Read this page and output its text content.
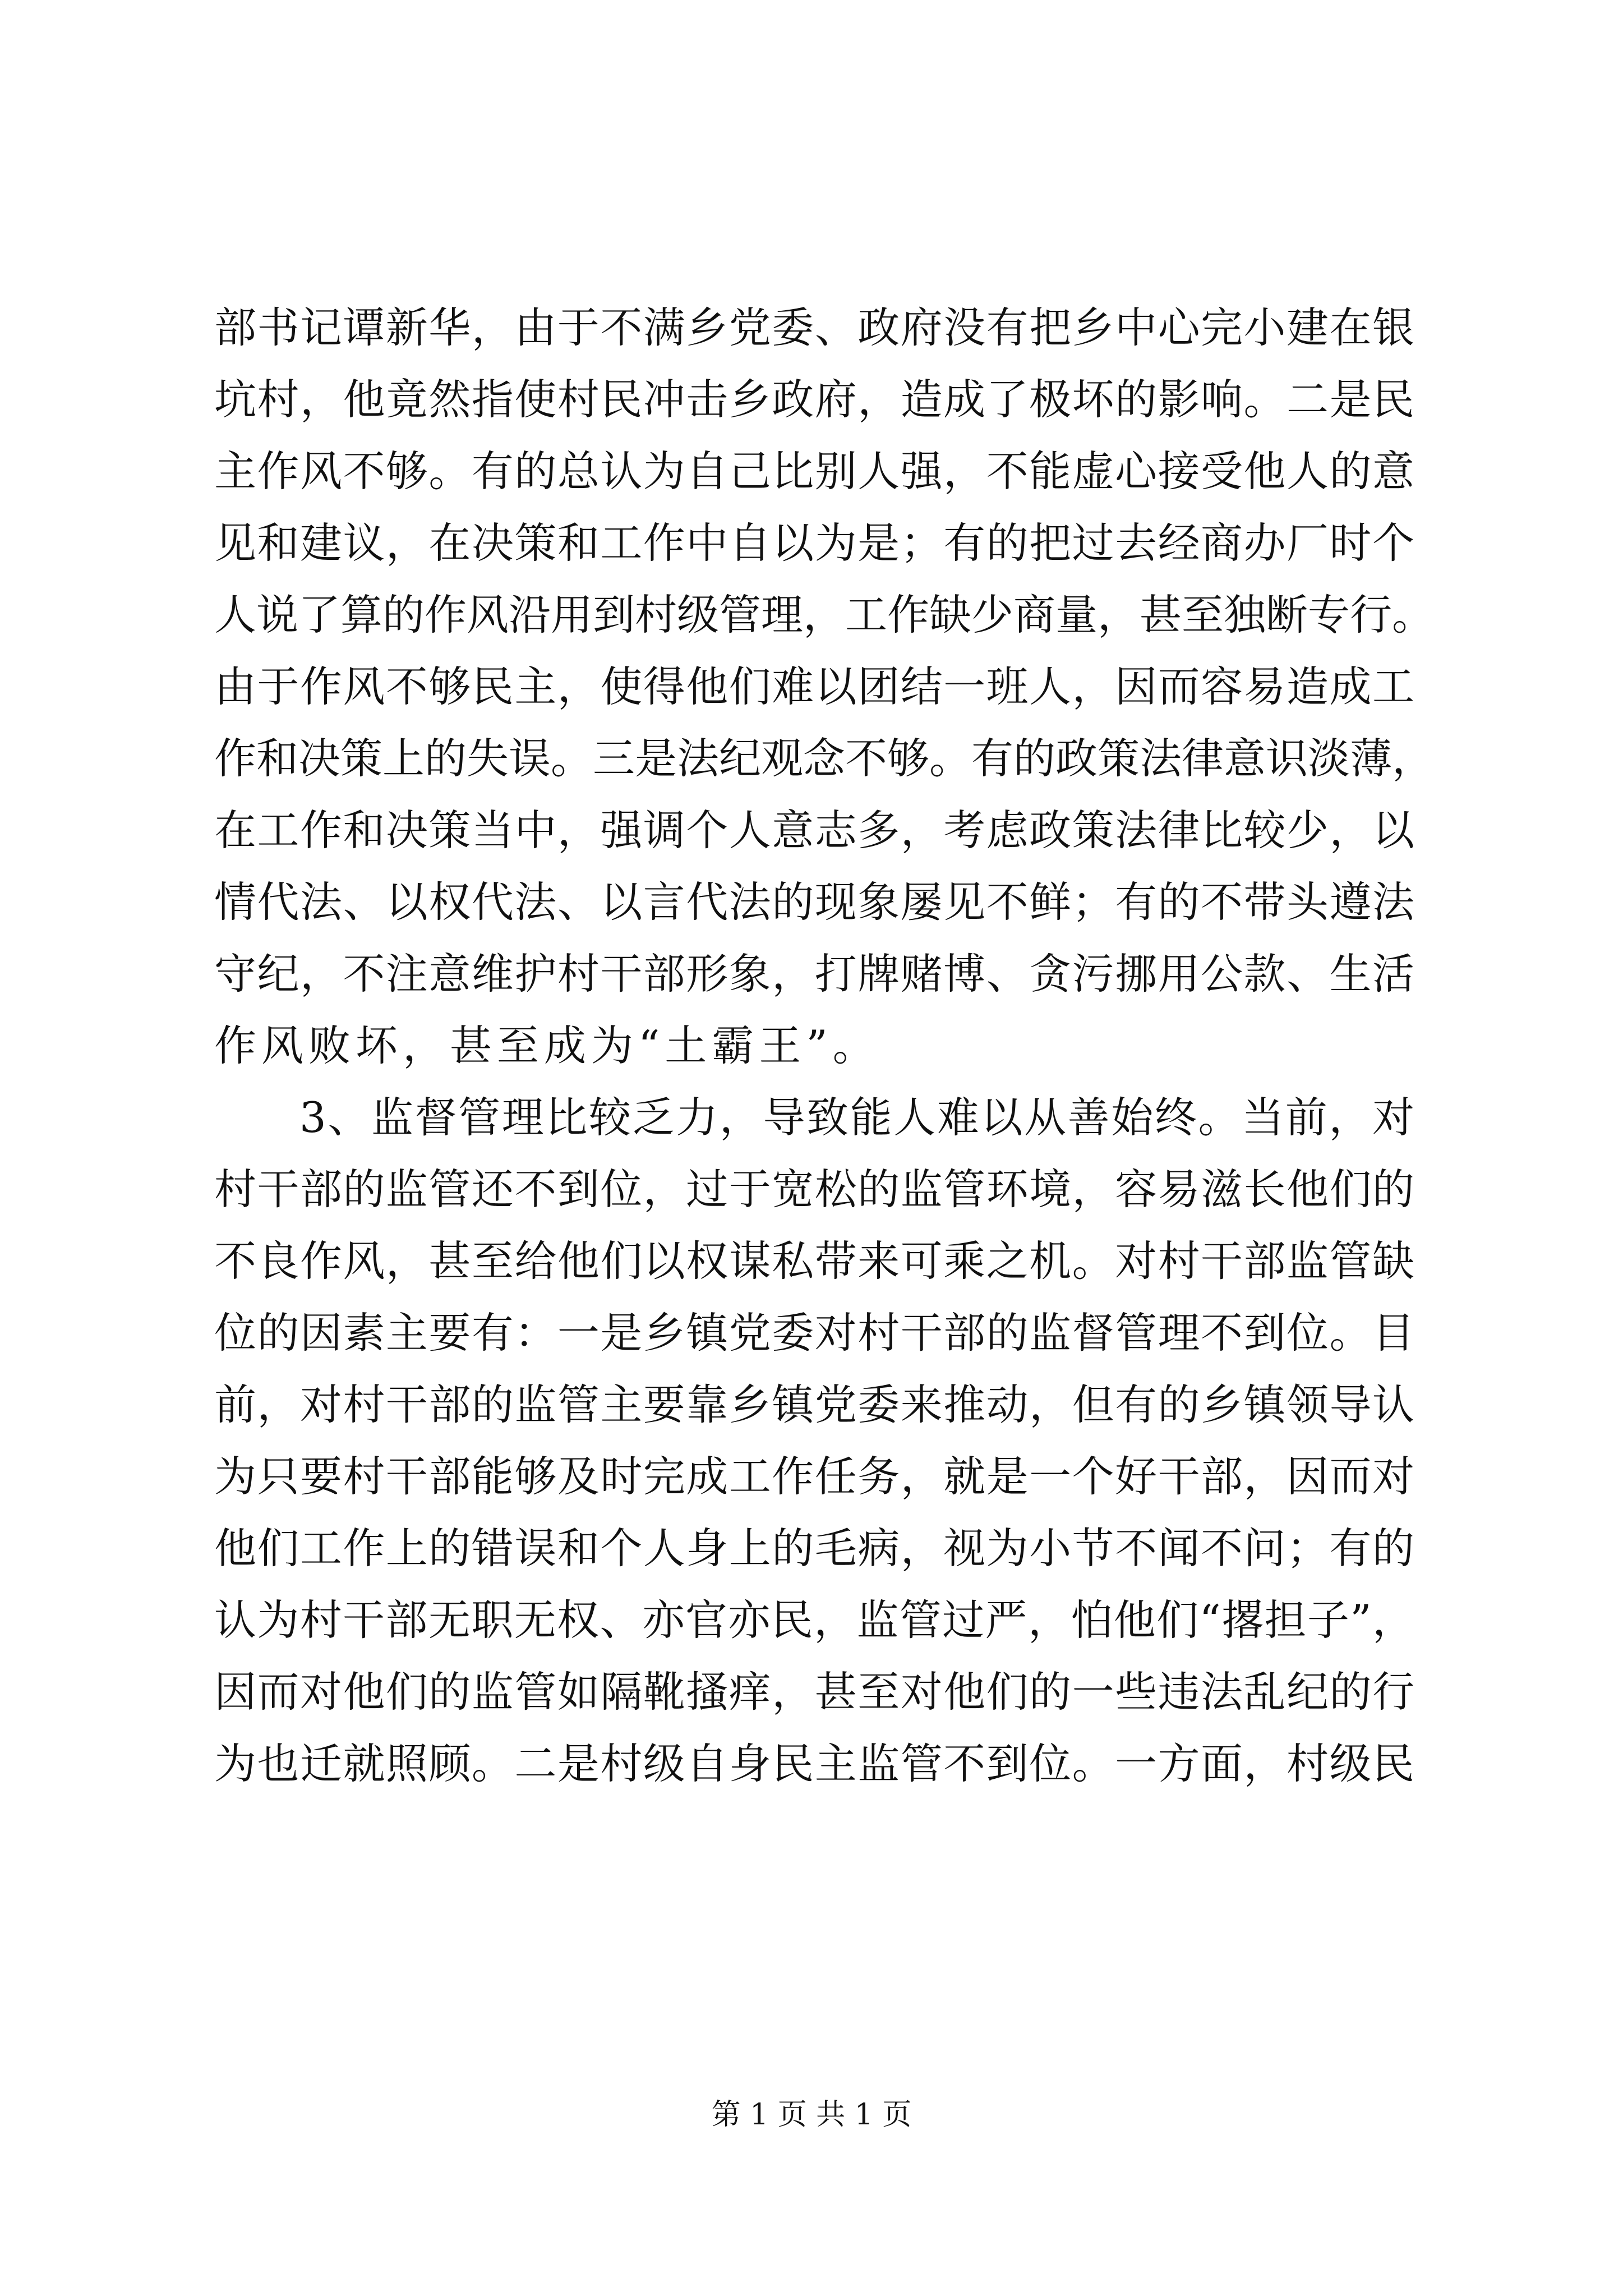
部书记谭新华，由于不满乡党委、政府没有把乡中心完小建在银
坑村，他竟然指使村民冲击乡政府，造成了极坏的影响。二是民
主作风不够。有的总认为自己比别人强，不能虚心接受他人的意
见和建议，在决策和工作中自以为是；有的把过去经商办厂时个
人说了算的作风沿用到村级管理，工作缺少商量，甚至独断专行。
由于作风不够民主，使得他们难以团结一班人，因而容易造成工
作和决策上的失误。三是法纪观念不够。有的政策法律意识淡薄，
在工作和决策当中，强调个人意志多，考虑政策法律比较少，以
情代法、以权代法、以言代法的现象屡见不鲜；有的不带头遵法
守纪，不注意维护村干部形象，打牌赌博、贪污挪用公款、生活
作风败坏，甚至成为“土霸王”。
3、监督管理比较乏力，导致能人难以从善始终。当前，对
村干部的监管还不到位，过于宽松的监管环境，容易滋长他们的
不良作风，甚至给他们以权谋私带来可乘之机。对村干部监管缺
位的因素主要有：一是乡镇党委对村干部的监督管理不到位。目
前，对村干部的监管主要靠乡镇党委来推动，但有的乡镇领导认
为只要村干部能够及时完成工作任务，就是一个好干部，因而对
他们工作上的错误和个人身上的毛病，视为小节不闻不问；有的
认为村干部无职无权、亦官亦民，监管过严，怕他们“撂担子”，
因而对他们的监管如隔靴搔痒，甚至对他们的一些违法乱纪的行
为也迁就照顾。二是村级自身民主监管不到位。一方面，村级民
第 1 页 共 1 页
